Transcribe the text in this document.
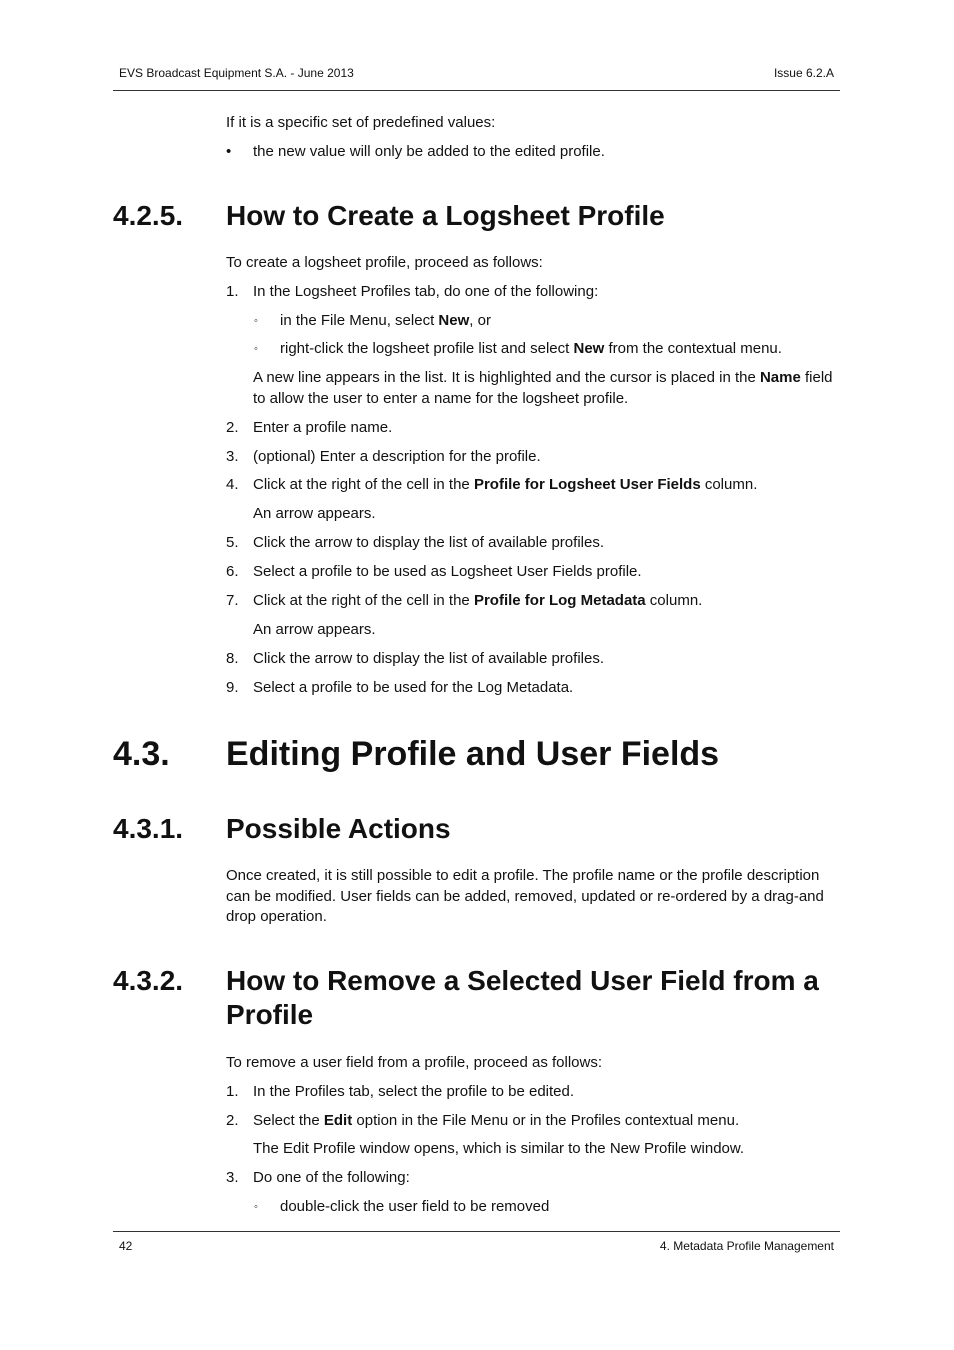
EVS Broadcast Equipment S.A. - June 2013	Issue 6.2.A

If it is a specific set of predefined values:

• the new value will only be added to the edited profile.

4.2.5. How to Create a Logsheet Profile

To create a logsheet profile, proceed as follows:

1. In the Logsheet Profiles tab, do one of the following:

◦ in the File Menu, select New, or

◦ right-click the logsheet profile list and select New from the contextual menu.

A new line appears in the list. It is highlighted and the cursor is placed in the Name field to allow the user to enter a name for the logsheet profile.

2. Enter a profile name.

3. (optional) Enter a description for the profile.

4. Click at the right of the cell in the Profile for Logsheet User Fields column.

An arrow appears.

5. Click the arrow to display the list of available profiles.

6. Select a profile to be used as Logsheet User Fields profile.

7. Click at the right of the cell in the Profile for Log Metadata column.

An arrow appears.

8. Click the arrow to display the list of available profiles.

9. Select a profile to be used for the Log Metadata.

4.3. Editing Profile and User Fields
4.3.1. Possible Actions

Once created, it is still possible to edit a profile. The profile name or the profile description can be modified. User fields can be added, removed, updated or re-ordered by a drag-and drop operation.

4.3.2. How to Remove a Selected User Field from a Profile

To remove a user field from a profile, proceed as follows:

1. In the Profiles tab, select the profile to be edited.

2. Select the Edit option in the File Menu or in the Profiles contextual menu.

The Edit Profile window opens, which is similar to the New Profile window.

3. Do one of the following:

◦ double-click the user field to be removed

42	4. Metadata Profile Management
